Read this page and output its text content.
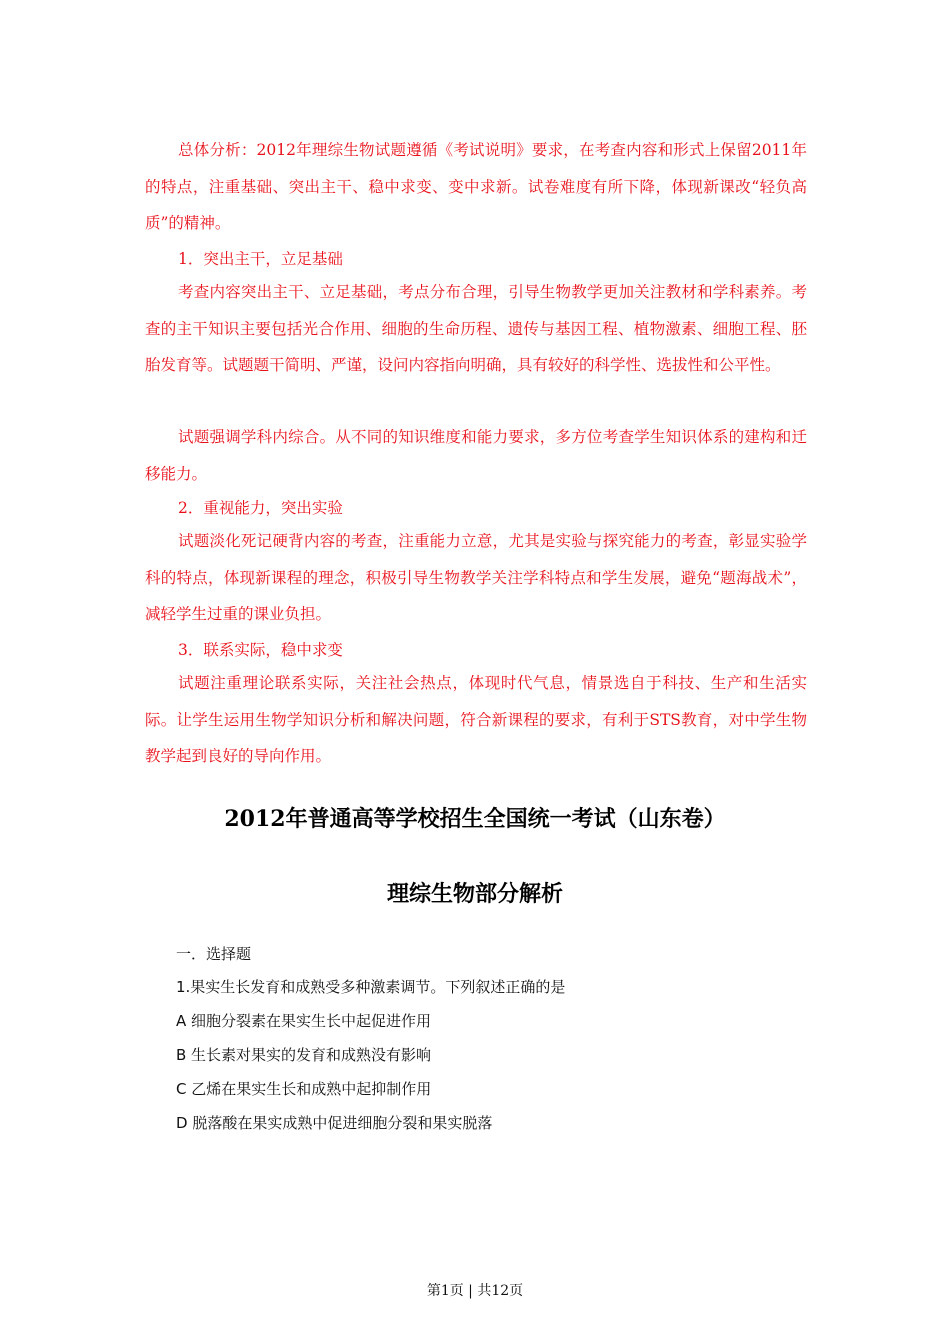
总体分析：2012年理综生物试题遵循《考试说明》要求，在考查内容和形式上保留2011年的特点，注重基础、突出主干、稳中求变、变中求新。试卷难度有所下降，体现新课改“轻负高质”的精神。

1．突出主干，立足基础

考查内容突出主干、立足基础，考点分布合理，引导生物教学更加关注教材和学科素养。考查的主干知识主要包括光合作用、细胞的生命历程、遗传与基因工程、植物激素、细胞工程、胚胎发育等。试题题干简明、严谨，设问内容指向明确，具有较好的科学性、选拔性和公平性。

试题强调学科内综合。从不同的知识维度和能力要求，多方位考查学生知识体系的建构和迁移能力。

2．重视能力，突出实验

试题淡化死记硬背内容的考查，注重能力立意，尤其是实验与探究能力的考查，彰显实验学科的特点，体现新课程的理念，积极引导生物教学关注学科特点和学生发展，避免“题海战术”，减轻学生过重的课业负担。

3．联系实际，稳中求变

试题注重理论联系实际，关注社会热点，体现时代气息，情景选自于科技、生产和生活实际。让学生运用生物学知识分析和解决问题，符合新课程的要求，有利于STS教育，对中学生物教学起到良好的导向作用。

2012年普通高等学校招生全国统一考试（山东卷）
理综生物部分解析
一．选择题
1.果实生长发育和成熟受多种激素调节。下列叙述正确的是
A 细胞分裂素在果实生长中起促进作用
B 生长素对果实的发育和成熟没有影响
C 乙烯在果实生长和成熟中起抑制作用
D 脱落酸在果实成熟中促进细胞分裂和果实脱落
第1页 | 共12页
